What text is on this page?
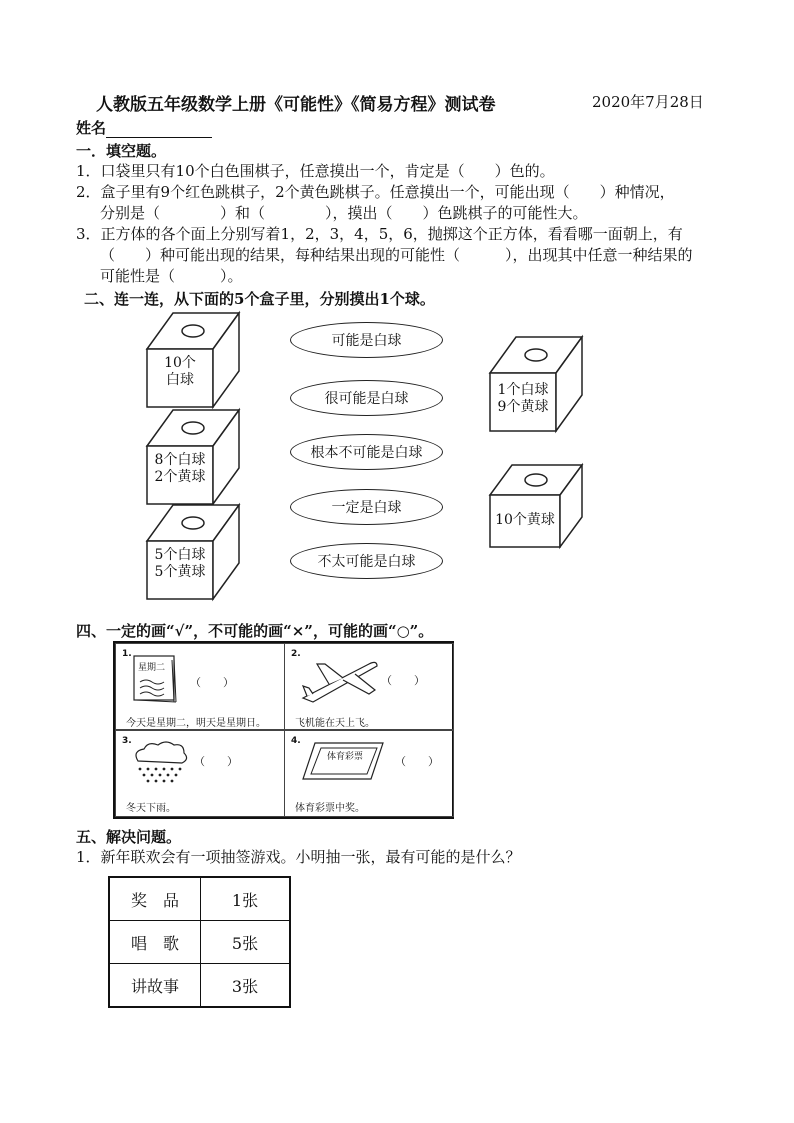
人教版五年级数学上册《可能性》《简易方程》测试卷	2020年7月28日
姓名
一．填空题。
1．口袋里只有10个白色围棋子，任意摸出一个，肯定是（　　）色的。
2．盒子里有9个红色跳棋子，2个黄色跳棋子。任意摸出一个，可能出现（　　）种情况，
分别是（　　　　）和（　　　　），摸出（　　）色跳棋子的可能性大。
3．正方体的各个面上分别写着1，2，3，4，5，6，抛掷这个正方体，看看哪一面朝上，有
（　　）种可能出现的结果，每种结果出现的可能性（　　　），出现其中任意一种结果的
可能性是（　　　）。
二、连一连，从下面的5个盒子里，分别摸出1个球。
10个
白球
8个白球
2个黄球
5个白球
5个黄球
1个白球
9个黄球
10个黄球
可能是白球
很可能是白球
根本不可能是白球
一定是白球
不太可能是白球
四、一定的画“√”，不可能的画“×”，可能的画“○”。
1.
星期二
（　　）
今天是星期二，明天是星期日。
2.
（　　）
飞机能在天上飞。
3.
（　　）
冬天下雨。
4.
体育彩票	（　　）
体育彩票中奖。
五、解决问题。
1．新年联欢会有一项抽签游戏。小明抽一张，最有可能的是什么？
奖　品	1张
唱　歌	5张
讲故事	3张
